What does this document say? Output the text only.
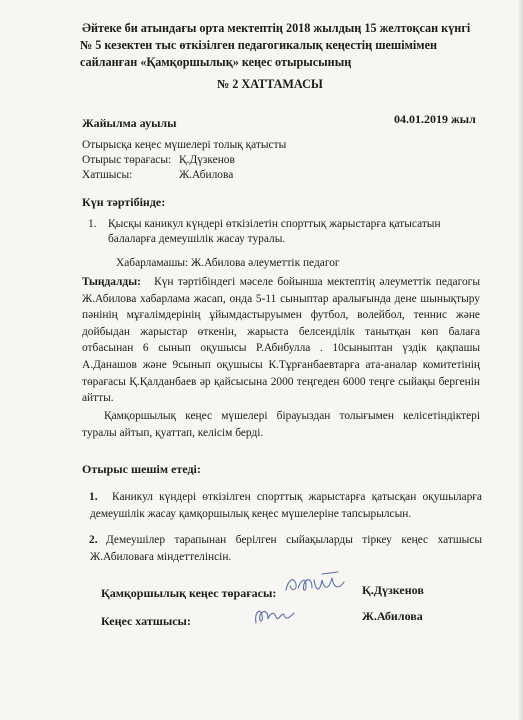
Әйтеке би атындағы орта мектептің 2018 жылдың 15 желтоқсан күнгі
№ 5 кезектен тыс өткізілген педагогикалық кеңестің шешімімен
сайланған «Қамқоршылық» кеңес отырысының
№ 2 ХАТТАМАСЫ
Жайылма ауылы	04.01.2019 жыл
Отырысқа кеңес мүшелері толық қатысты
Отырыс төрағасы: Қ.Дүзкенов
Хатшысы:	Ж.Абилова
Күн тәртібінде:
1. Қысқы каникул күндері өткізілетін спорттық жарыстарға қатысатын
балаларға демеушілік жасау туралы.
Хабарламашы: Ж.Абилова әлеуметтік педагог
Тыңдалды: Күн тәртібіндегі мәселе бойынша мектептің әлеуметтік педагогы Ж.Абилова хабарлама жасап, онда 5-11 сыныптар аралығында дене шынықтыру пәнінің мұғалімдерінің ұйымдастыруымен футбол, волейбол, теннис және дойбыдан жарыстар өткенін, жарыста белсенділік танытқан көп балаға отбасынан 6 сынып оқушысы Р.Абибулла . 10сыныптан үздік қақпашы А.Данашов және 9сынып оқушысы К.Тұрғанбаевтарға ата-аналар комитетінің төрағасы Қ.Қалданбаев әр қайсысына 2000 теңгеден 6000 теңге сыйақы бергенін айтты.
Қамқоршылық кеңес мүшелері бірауыздан толығымен келісетіндіктері туралы айтып, қуаттап, келісім берді.
Отырыс шешім етеді:
1.	Каникул күндері өткізілген спорттық жарыстарға қатысқан оқушыларға демеушілік жасау қамқоршылық кеңес мүшелеріне тапсырылсын.
2. Демеушілер тарапынан берілген сыйақыларды тіркеу кеңес хатшысы Ж.Абиловаға міндеттелінсін.
Қамқоршылық кеңес төрағасы:	Қ.Дүзкенов
Кеңес хатшысы:	Ж.Абилова
